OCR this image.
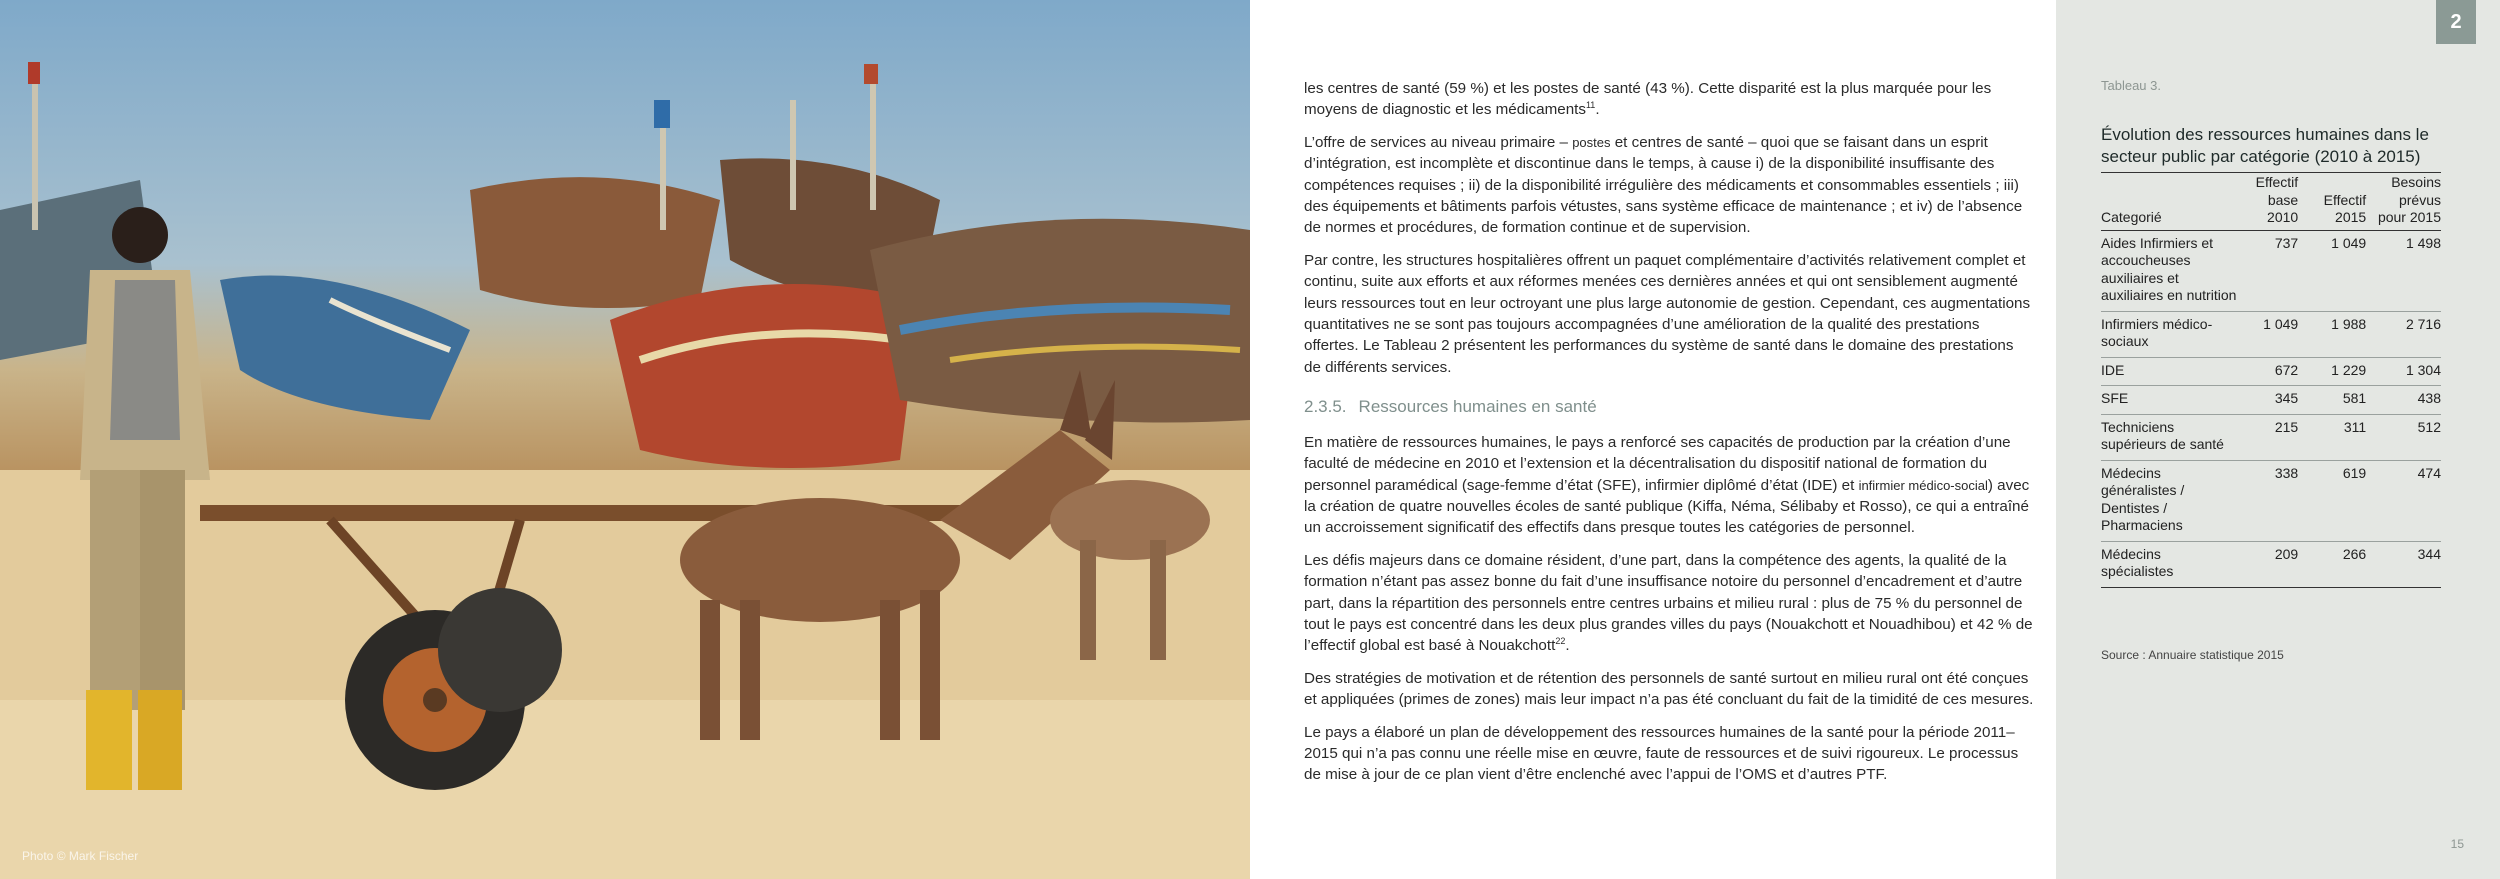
Photo © Mark Fischer

les centres de santé (59 %) et les postes de santé (43 %). Cette disparité est la plus marquée pour les moyens de diagnostic et les médicaments$^{11}$.

L’offre de services au niveau primaire – postes et centres de santé – quoi que se faisant dans un esprit d’intégration, est incomplète et discontinue dans le temps, à cause i) de la disponibilité insuffisante des compétences requises ; ii) de la disponibilité irrégulière des médicaments et consommables essentiels ; iii) des équipements et bâtiments parfois vétustes, sans système efficace de maintenance ; et iv) de l’absence de normes et procédures, de formation continue et de supervision.

Par contre, les structures hospitalières offrent un paquet complémentaire d’activités relativement complet et continu, suite aux efforts et aux réformes menées ces dernières années et qui ont sensiblement augmenté leurs ressources tout en leur octroyant une plus large autonomie de gestion. Cependant, ces augmentations quantitatives ne se sont pas toujours accompagnées d’une amélioration de la qualité des prestations offertes. Le Tableau 2 présentent les performances du système de santé dans le domaine des prestations de différents services.

2.3.5. Ressources humaines en santé

En matière de ressources humaines, le pays a renforcé ses capacités de production par la création d’une faculté de médecine en 2010 et l’extension et la décentralisation du dispositif national de formation du personnel paramédical (sage-femme d’état (SFE), infirmier diplômé d’état (IDE) et infirmier médico-social) avec la création de quatre nouvelles écoles de santé publique (Kiffa, Néma, Sélibaby et Rosso), ce qui a entraîné un accroissement significatif des effectifs dans presque toutes les catégories de personnel.

Les défis majeurs dans ce domaine résident, d’une part, dans la compétence des agents, la qualité de la formation n’étant pas assez bonne du fait d’une insuffisance notoire du personnel d’encadrement et d’autre part, dans la répartition des personnels entre centres urbains et milieu rural : plus de 75 % du personnel de tout le pays est concentré dans les deux plus grandes villes du pays (Nouakchott et Nouadhibou) et 42 % de l’effectif global est basé à Nouakchott$^{22}$.

Des stratégies de motivation et de rétention des personnels de santé surtout en milieu rural ont été conçues et appliquées (primes de zones) mais leur impact n’a pas été concluant du fait de la timidité de ces mesures.

Le pays a élaboré un plan de développement des ressources humaines de la santé pour la période 2011–2015 qui n’a pas connu une réelle mise en œuvre, faute de ressources et de suivi rigoureux. Le processus de mise à jour de ce plan vient d’être enclenché avec l’appui de l’OMS et d’autres PTF.

2
Tableau 3.
Évolution des ressources humaines dans le secteur public par catégorie (2010 à 2015)
Categorié	Effectif base 2010	Effectif 2015	Besoins prévus pour 2015
Aides Infirmiers et accoucheuses auxiliaires et auxiliaires en nutrition	737	1 049	1 498
Infirmiers médico-sociaux	1 049	1 988	2 716
IDE	672	1 229	1 304
SFE	345	581	438
Techniciens supérieurs de santé	215	311	512
Médecins généralistes / Dentistes / Pharmaciens	338	619	474
Médecins spécialistes	209	266	344
Source : Annuaire statistique 2015
15
